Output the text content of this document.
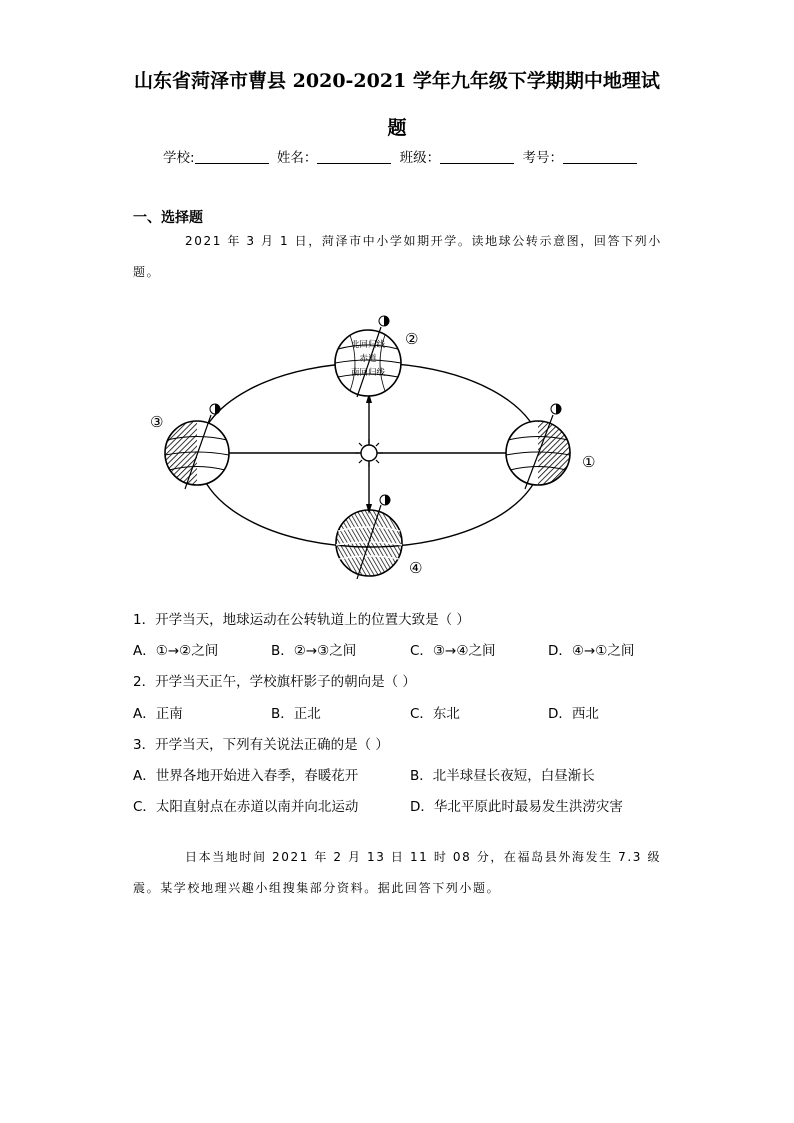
山东省菏泽市曹县 2020-2021 学年九年级下学期期中地理试
题
学校:	姓名：	班级：	考号：
一、选择题
2021 年 3 月 1 日，菏泽市中小学如期开学。读地球公转示意图，回答下列小题。
北回归线
赤道
南回归线
②
③
①
④
1．开学当天，地球运动在公转轨道上的位置大致是（ ）
A．①→②之间	B．②→③之间	C．③→④之间	D．④→①之间
2．开学当天正午，学校旗杆影子的朝向是（ ）
A．正南	B．正北	C．东北	D．西北
3．开学当天，下列有关说法正确的是（ ）
A．世界各地开始进入春季，春暖花开	B．北半球昼长夜短，白昼渐长
C．太阳直射点在赤道以南并向北运动	D．华北平原此时最易发生洪涝灾害
日本当地时间 2021 年 2 月 13 日 11 时 08 分，在福岛县外海发生 7.3 级震。某学校地理兴趣小组搜集部分资料。据此回答下列小题。
